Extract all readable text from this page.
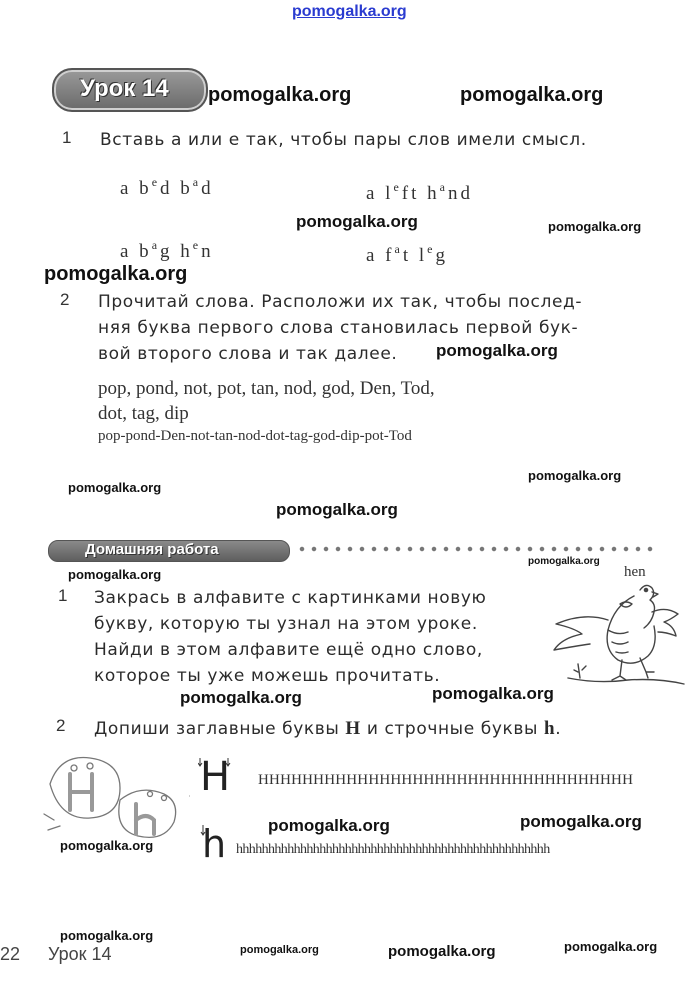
pomogalka.org
Урок 14 pomogalka.org	pomogalka.org
1 Вставь a или e так, чтобы пары слов имели смысл.
a $b^ed$ $b^ad$	a $l^eft$ $h^and$
pomogalka.org	pomogalka.org
a $b^ag$ $h^en$	a $f^at$ $l^eg$
pomogalka.org
2 Прочитай слова. Расположи их так, чтобы послед-
няя буква первого слова становилась первой бук-
вой второго слова и так далее. pomogalka.org
pop, pond, not, pot, tan, nod, god, Den, Tod,
dot, tag, dip
pop-pond-Den-not-tan-nod-dot-tag-god-dip-pot-Tod
pomogalka.org
pomogalka.org
pomogalka.org
Домашняя работа
pomogalka.org
pomogalka.org
1 Закрась в алфавите с картинками новую
букву, которую ты узнал на этом уроке.
Найди в этом алфавите ещё одно слово,
которое ты уже можешь прочитать.
hen
pomogalka.org	pomogalka.org
2 Допиши заглавные буквы H и строчные буквы h.
H HHHHHHHHHHHHHHHHHHHHHHHHHHHHHHHHHH
pomogalka.org	pomogalka.org
pomogalka.org h hhhhhhhhhhhhhhhhhhhhhhhhhhhhhhhhhhhhhhhhhhhhhhhhh
pomogalka.org
pomogalka.org	pomogalka.org	pomogalka.org
22 Урок 14
